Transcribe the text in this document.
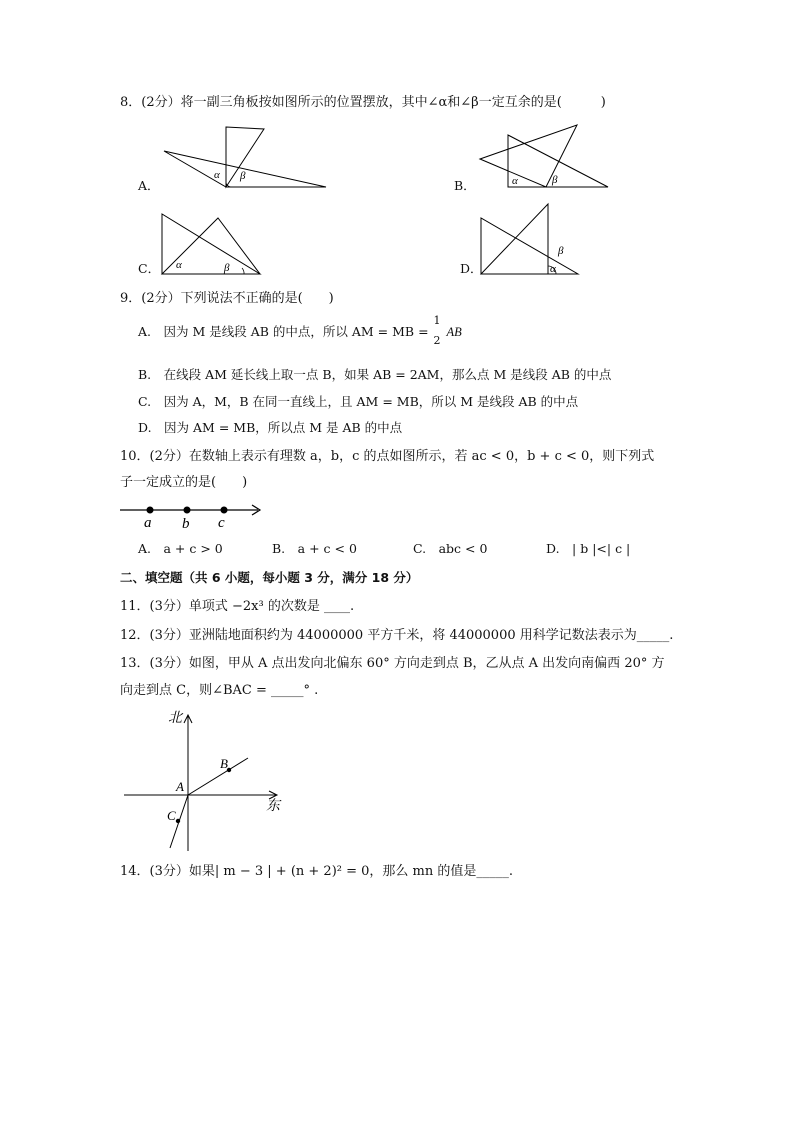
8．(2分）将一副三角板按如图所示的位置摆放，其中∠α和∠β一定互余的是(　　　)
A．
α β
B．	α	β
C． α	β	D．
β
α
9．(2分）下列说法不正确的是(　　)
A.　因为 M 是线段 AB 的中点，所以 AM = MB =
1
2
AB
B.　在线段 AM 延长线上取一点 B，如果 AB = 2AM，那么点 M 是线段 AB 的中点
C.　因为 A，M，B 在同一直线上，且 AM = MB，所以 M 是线段 AB 的中点
D.　因为 AM = MB，所以点 M 是 AB 的中点
10．(2分）在数轴上表示有理数 a，b，c 的点如图所示，若 ac < 0，b + c < 0，则下列式
子一定成立的是(　　)
a b c
A.　a + c > 0	B.　a + c < 0	C.　abc < 0	D.　| b |<| c |
二、填空题（共 6 小题，每小题 3 分，满分 18 分）
11．(3分）单项式 −2x³ 的次数是 ____.
12．(3分）亚洲陆地面积约为 44000000 平方千米，将 44000000 用科学记数法表示为_____.
13．(3分）如图，甲从 A 点出发向北偏东 60° 方向走到点 B，乙从点 A 出发向南偏西 20° 方
向走到点 C，则∠BAC = _____° .
北
东
A
B
C
14．(3分）如果| m − 3 | + (n + 2)² = 0，那么 mn 的值是_____.
